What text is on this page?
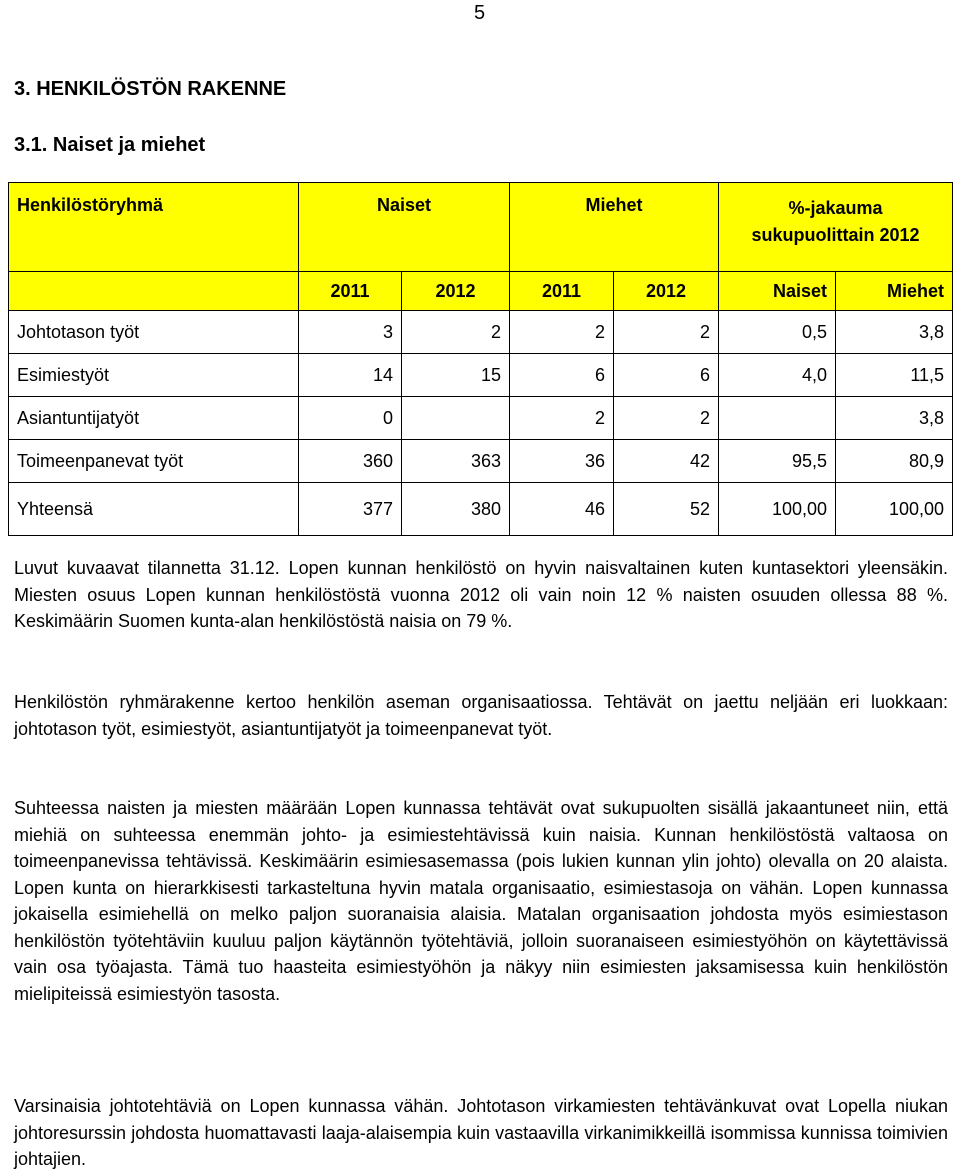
5
3. HENKILÖSTÖN RAKENNE
3.1. Naiset ja miehet
Henkilöstöryhmä	Naiset		Miehet		%-jakauma
sukupuolittain 2012	
	2011	2012	2011	2012	Naiset	Miehet
Johtotason työt	3	2	2	2	0,5	3,8
Esimiestyöt	14	15	6	6	4,0	11,5
Asiantuntijatyöt	0		2	2		3,8
Toimeenpanevat työt	360	363	36	42	95,5	80,9
Yhteensä	377	380	46	52	100,00	100,00

Luvut kuvaavat tilannetta 31.12. Lopen kunnan henkilöstö on hyvin naisvaltainen kuten kuntasektori yleensäkin. Miesten osuus Lopen kunnan henkilöstöstä vuonna 2012 oli vain noin 12 % naisten osuuden ollessa 88 %. Keskimäärin Suomen kunta-alan henkilöstöstä naisia on 79 %.

Henkilöstön ryhmärakenne kertoo henkilön aseman organisaatiossa. Tehtävät on jaettu neljään eri luokkaan: johtotason työt, esimiestyöt, asiantuntijatyöt ja toimeenpanevat työt.

Suhteessa naisten ja miesten määrään Lopen kunnassa tehtävät ovat sukupuolten sisällä jakaantuneet niin, että miehiä on suhteessa enemmän johto- ja esimiestehtävissä kuin naisia. Kunnan henkilöstöstä valtaosa on toimeenpanevissa tehtävissä. Keskimäärin esimiesasemassa (pois lukien kunnan ylin johto) olevalla on 20 alaista. Lopen kunta on hierarkkisesti tarkasteltuna hyvin matala organisaatio, esimiestasoja on vähän. Lopen kunnassa jokaisella esimiehellä on melko paljon suoranaisia alaisia. Matalan organisaation johdosta myös esimiestason henkilöstön työtehtäviin kuuluu paljon käytännön työtehtäviä, jolloin suoranaiseen esimiestyöhön on käytettävissä vain osa työajasta. Tämä tuo haasteita esimiestyöhön ja näkyy niin esimiesten jaksamisessa kuin henkilöstön mielipiteissä esimiestyön tasosta.

Varsinaisia johtotehtäviä on Lopen kunnassa vähän. Johtotason virkamiesten tehtävänkuvat ovat Lopella niukan johtoresurssin johdosta huomattavasti laaja-alaisempia kuin vastaavilla virkanimikkeillä isommissa kunnissa toimivien johtajien.
